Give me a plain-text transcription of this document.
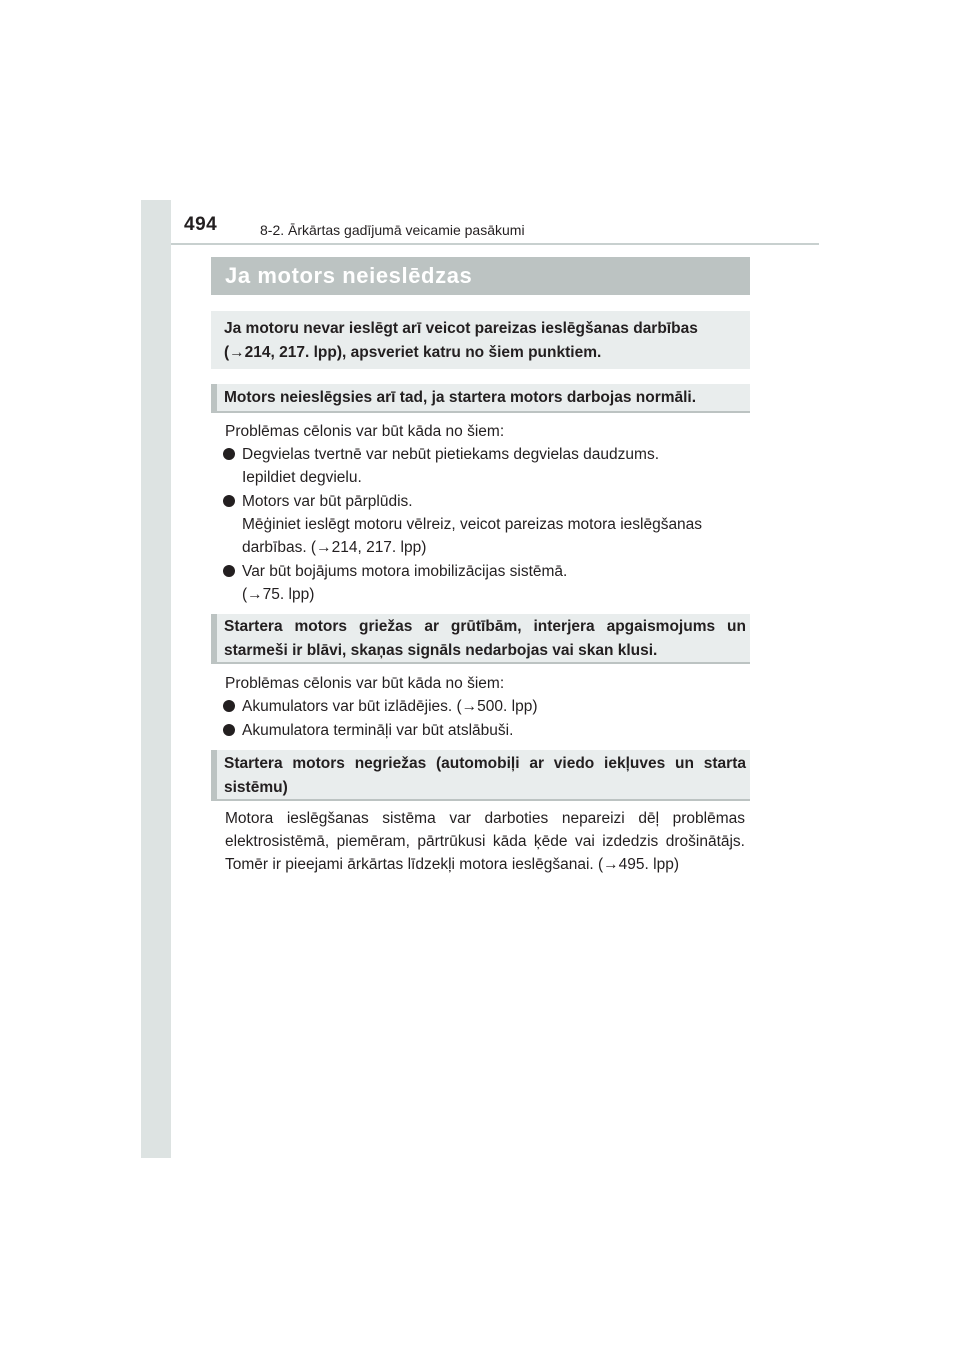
494	8-2. Ārkārtas gadījumā veicamie pasākumi
Ja motors neieslēdzas
Ja motoru nevar ieslēgt arī veicot pareizas ieslēgšanas darbības (→214, 217. lpp), apsveriet katru no šiem punktiem.
Motors neieslēgsies arī tad, ja startera motors darbojas normāli.
Problēmas cēlonis var būt kāda no šiem:
Degvielas tvertnē var nebūt pietiekams degvielas daudzums.
Iepildiet degvielu.
Motors var būt pārplūdis.
Mēģiniet ieslēgt motoru vēlreiz, veicot pareizas motora ieslēgšanas darbības. (→214, 217. lpp)
Var būt bojājums motora imobilizācijas sistēmā.
(→75. lpp)
Startera motors griežas ar grūtībām, interjera apgaismojums un starmeši ir blāvi, skaņas signāls nedarbojas vai skan klusi.
Problēmas cēlonis var būt kāda no šiem:
Akumulators var būt izlādējies. (→500. lpp)
Akumulatora termināļi var būt atslābuši.
Startera motors negriežas (automobiļi ar viedo iekļuves un starta sistēmu)
Motora ieslēgšanas sistēma var darboties nepareizi dēļ problēmas elektrosistēmā, piemēram, pārtrūkusi kāda ķēde vai izdedzis drošinātājs. Tomēr ir pieejami ārkārtas līdzekļi motora ieslēgšanai. (→495. lpp)
